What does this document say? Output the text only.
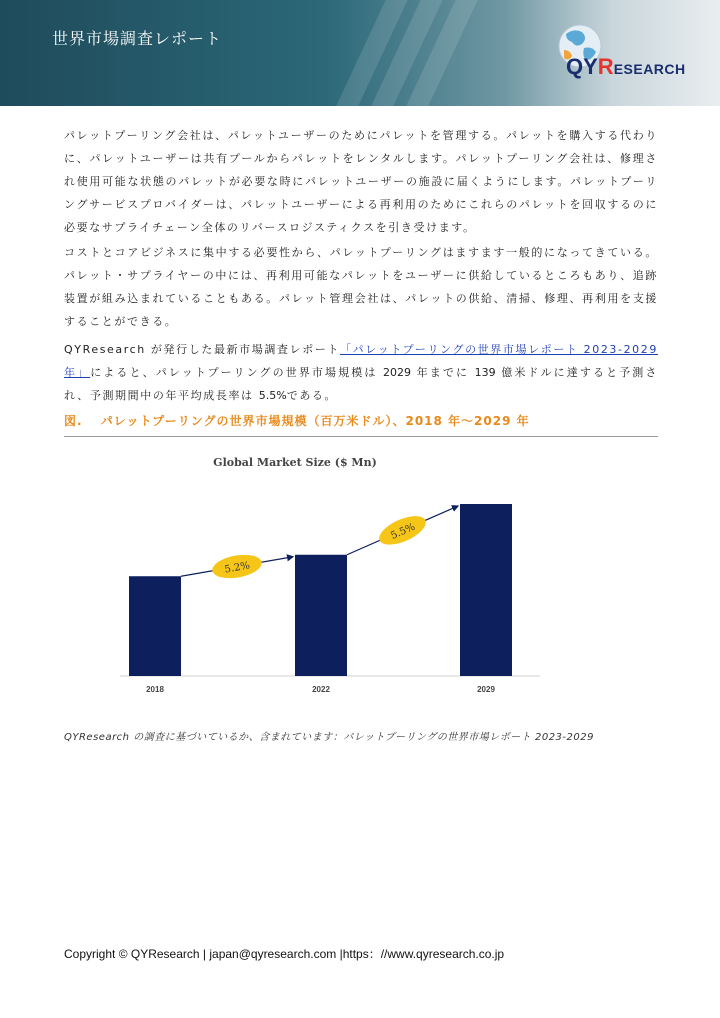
世界市場調査レポート
QYRESEARCH
パレットプーリング会社は、パレットユーザーのためにパレットを管理する。パレットを購入する代わりに、パレットユーザーは共有プールからパレットをレンタルします。パレットプーリング会社は、修理され使用可能な状態のパレットが必要な時にパレットユーザーの施設に届くようにします。パレットプーリングサービスプロバイダーは、パレットユーザーによる再利用のためにこれらのパレットを回収するのに必要なサプライチェーン全体のリバースロジスティクスを引き受けます。
コストとコアビジネスに集中する必要性から、パレットプーリングはますます一般的になってきている。パレット・サプライヤーの中には、再利用可能なパレットをユーザーに供給しているところもあり、追跡装置が組み込まれていることもある。パレット管理会社は、パレットの供給、清掃、修理、再利用を支援することができる。
QYResearch が発行した最新市場調査レポート「パレットプーリングの世界市場レポート 2023-2029 年」によると、パレットプーリングの世界市場規模は 2029 年までに 139 億米ドルに達すると予測され、予測期間中の年平均成長率は 5.5%である。
図. パレットプーリングの世界市場規模（百万米ドル）、2018 年～2029 年
Global Market Size ($ Mn)
2018	2022	2029
5.2%
5.5%
QYResearch の調査に基づいているか、含まれています：パレットプーリングの世界市場レポート 2023-2029
Copyright © QYResearch | japan@qyresearch.com |https：//www.qyresearch.co.jp
